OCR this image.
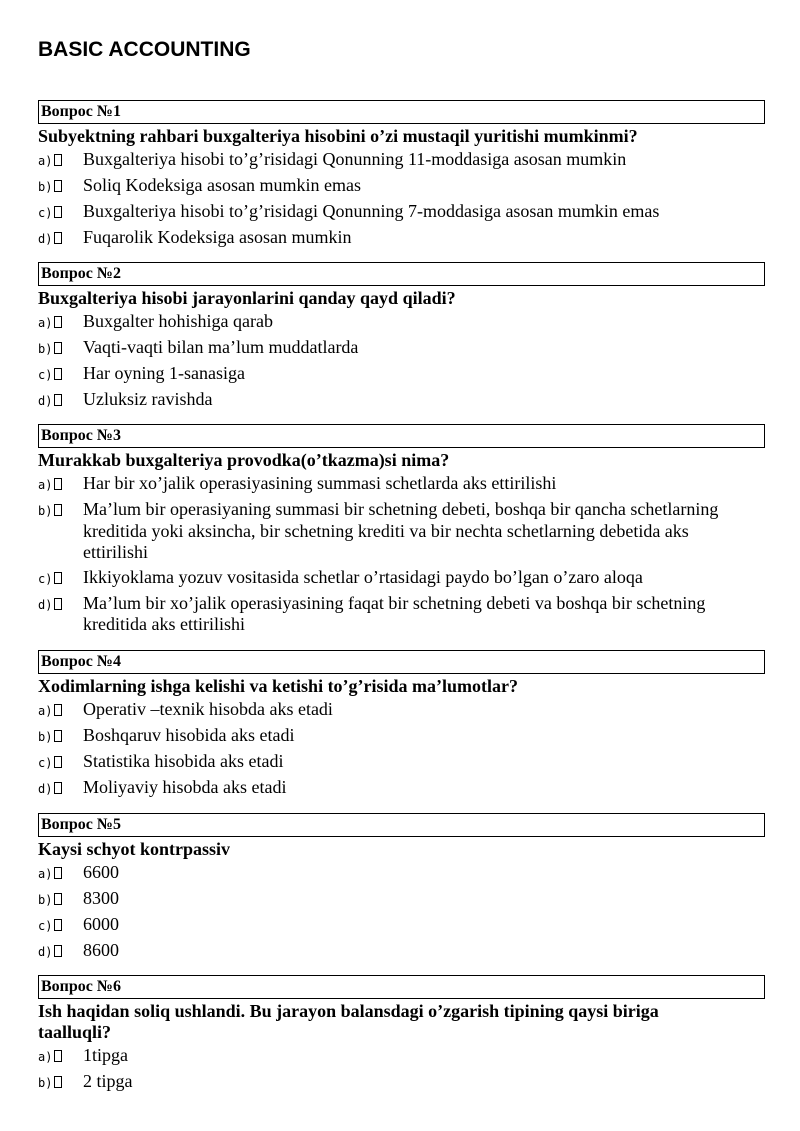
BASIC ACCOUNTING
Вопрос №1
Subyektning rahbari buxgalteriya hisobini o’zi mustaqil yuritishi mumkinmi?
a)	Buxgalteriya hisobi to’g’risidagi Qonunning 11-moddasiga asosan mumkin
b)	Soliq Kodeksiga asosan mumkin emas
c)	Buxgalteriya hisobi to’g’risidagi Qonunning 7-moddasiga asosan mumkin emas
d)	Fuqarolik Kodeksiga asosan mumkin
Вопрос №2
Buxgalteriya hisobi jarayonlarini qanday qayd qiladi?
a)	Buxgalter hohishiga qarab
b)	Vaqti-vaqti bilan ma’lum muddatlarda
c)	Har oyning 1-sanasiga
d)	Uzluksiz ravishda
Вопрос №3
Murakkab buxgalteriya provodka(o’tkazma)si nima?
a)	Har bir xo’jalik operasiyasining summasi schetlarda aks ettirilishi
b)	Ma’lum bir operasiyaning summasi bir schetning debeti, boshqa bir qancha schetlarning kreditida yoki aksincha, bir schetning krediti va bir nechta schetlarning debetida aks ettirilishi
c)	Ikkiyoklama yozuv vositasida schetlar o’rtasidagi paydo bo’lgan o’zaro aloqa
d)	Ma’lum bir xo’jalik operasiyasining faqat bir schetning debeti va boshqa bir schetning kreditida aks ettirilishi
Вопрос №4
Xodimlarning ishga kelishi va ketishi to’g’risida ma’lumotlar?
a)	Operativ –texnik hisobda aks etadi
b)	Boshqaruv hisobida aks etadi
c)	Statistika hisobida aks etadi
d)	Moliyaviy hisobda aks etadi
Вопрос №5
Kaysi schyot kontrpassiv
a)	6600
b)	8300
c)	6000
d)	8600
Вопрос №6
Ish haqidan soliq ushlandi. Bu jarayon balansdagi o’zgarish tipining qaysi biriga taalluqli?
a)	1tipga
b)	2 tipga
